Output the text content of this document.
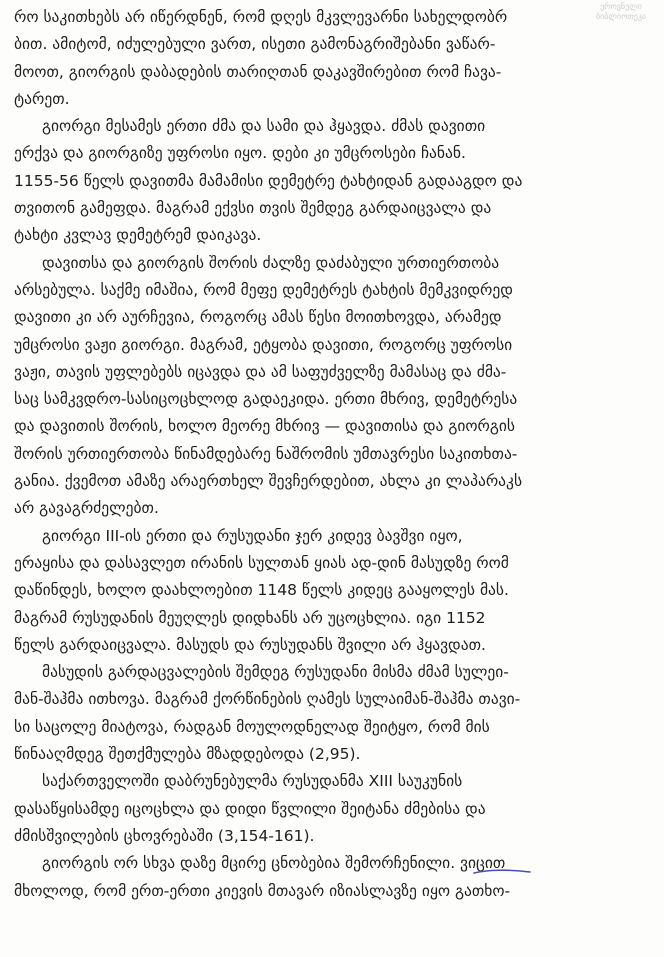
ეროვნული
ბიბლიოთეკა
რო საკითხებს არ იწერდნენ, რომ დღეს მკვლევარნი სახელდობრ
ბით. ამიტომ, იძულებული ვართ, ისეთი გამონაგრიშებანი ვაწარ-
მოოთ, გიორგის დაბადების თარიღთან დაკავშირებით რომ ჩავა-
ტარეთ.
გიორგი მესამეს ერთი ძმა და სამი და ჰყავდა. ძმას დავითი
ერქვა და გიორგიზე უფროსი იყო. დები კი უმცროსები ჩანან.
1155-56 წელს დავითმა მამამისი დემეტრე ტახტიდან გადააგდო და
თვითონ გამეფდა. მაგრამ ექვსი თვის შემდეგ გარდაიცვალა და
ტახტი კვლავ დემეტრემ დაიკავა.
დავითსა და გიორგის შორის ძალზე დაძაბული ურთიერთობა
არსებულა. საქმე იმაშია, რომ მეფე დემეტრეს ტახტის მემკვიდრედ
დავითი კი არ აურჩევია, როგორც ამას წესი მოითხოვდა, არამედ
უმცროსი ვაჟი გიორგი. მაგრამ, ეტყობა დავითი, როგორც უფროსი
ვაჟი, თავის უფლებებს იცავდა და ამ საფუძველზე მამასაც და ძმა-
საც სამკვდრო-სასიცოცხლოდ გადაეკიდა. ერთი მხრივ, დემეტრესა
და დავითის შორის, ხოლო მეორე მხრივ — დავითისა და გიორგის
შორის ურთიერთობა წინამდებარე ნაშრომის უმთავრესი საკითხთა-
განია. ქვემოთ ამაზე არაერთხელ შევჩერდებით, ახლა კი ლაპარაკს
არ გავაგრძელებთ.
გიორგი III-ის ერთი და რუსუდანი ჯერ კიდევ ბავშვი იყო,
ერაყისა და დასავლეთ ირანის სულთან ყიას ად-დინ მასუდზე რომ
დაწინდეს, ხოლო დაახლოებით 1148 წელს კიდეც გააყოლეს მას.
მაგრამ რუსუდანის მეუღლეს დიდხანს არ უცოცხლია. იგი 1152
წელს გარდაიცვალა. მასუდს და რუსუდანს შვილი არ ჰყავდათ.
მასუდის გარდაცვალების შემდეგ რუსუდანი მისმა ძმამ სულეი-
მან-შაჰმა ითხოვა. მაგრამ ქორწინების ღამეს სულაიმან-შაჰმა თავი-
სი საცოლე მიატოვა, რადგან მოულოდნელად შეიტყო, რომ მის
წინააღმდეგ შეთქმულება მზადდებოდა (2,95).
საქართველოში დაბრუნებულმა რუსუდანმა XIII საუკუნის
დასაწყისამდე იცოცხლა და დიდი წვლილი შეიტანა ძმებისა და
ძმისშვილების ცხოვრებაში (3,154-161).
გიორგის ორ სხვა დაზე მცირე ცნობებია შემორჩენილი. ვიცით
მხოლოდ, რომ ერთ-ერთი კიევის მთავარ იზიასლავზე იყო გათხო-
